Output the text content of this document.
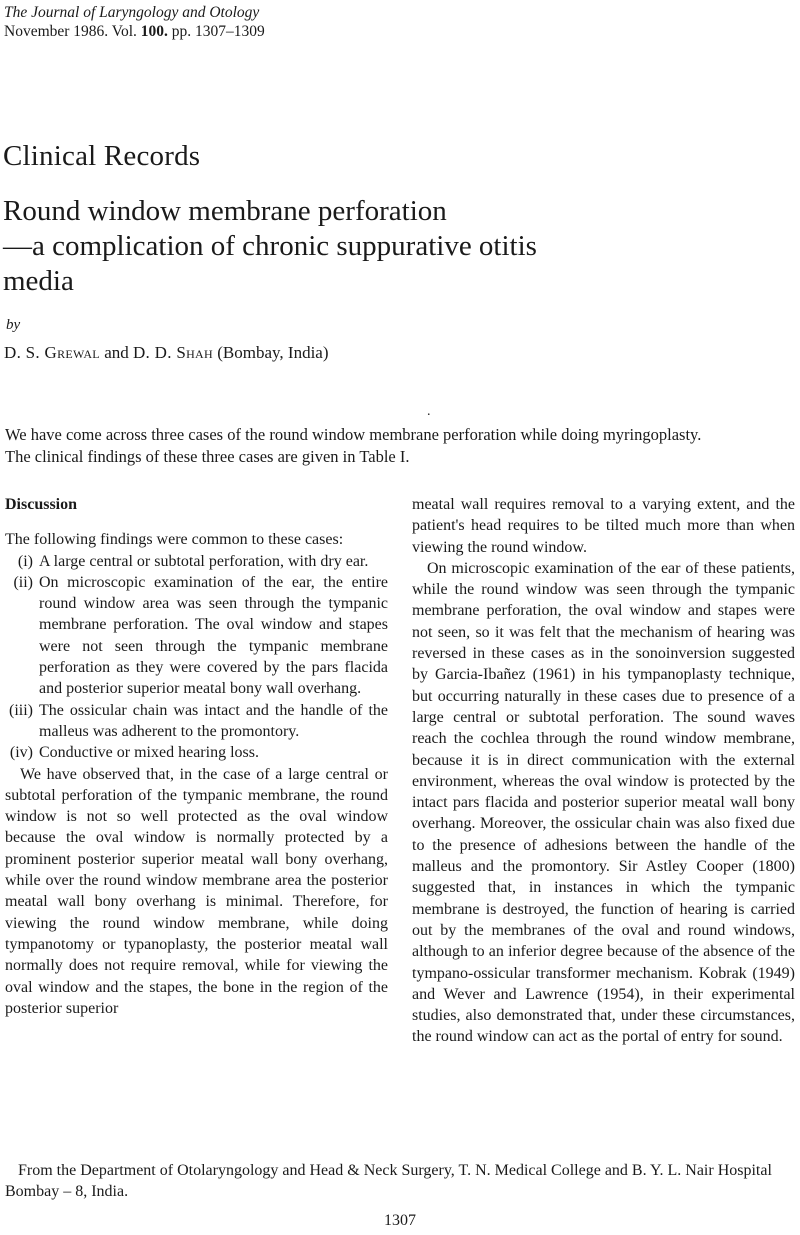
The Journal of Laryngology and Otology
November 1986. Vol. 100. pp. 1307–1309
Clinical Records
Round window membrane perforation
—a complication of chronic suppurative otitis
media
by
D. S. Grewal and D. D. Shah (Bombay, India)
.

We have come across three cases of the round window membrane perforation while doing myringoplasty. The clinical findings of these three cases are given in Table I.

Discussion

The following findings were common to these cases:

(i) A large central or subtotal perforation, with dry ear.
(ii) On microscopic examination of the ear, the entire round window area was seen through the tympanic membrane perforation. The oval window and stapes were not seen through the tympanic membrane perforation as they were covered by the pars flacida and posterior superior meatal bony wall overhang.
(iii) The ossicular chain was intact and the handle of the malleus was adherent to the promontory.
(iv) Conductive or mixed hearing loss.

We have observed that, in the case of a large central or subtotal perforation of the tympanic membrane, the round window is not so well protected as the oval window because the oval window is normally protected by a prominent posterior superior meatal wall bony overhang, while over the round window membrane area the posterior meatal wall bony overhang is minimal. Therefore, for viewing the round window membrane, while doing tympanotomy or typanoplasty, the posterior meatal wall normally does not require removal, while for viewing the oval window and the stapes, the bone in the region of the posterior superior

meatal wall requires removal to a varying extent, and the patient's head requires to be tilted much more than when viewing the round window.

On microscopic examination of the ear of these patients, while the round window was seen through the tympanic membrane perforation, the oval window and stapes were not seen, so it was felt that the mechanism of hearing was reversed in these cases as in the sonoinversion suggested by Garcia-Ibañez (1961) in his tympanoplasty technique, but occurring naturally in these cases due to presence of a large central or subtotal perforation. The sound waves reach the cochlea through the round window membrane, because it is in direct communication with the external environment, whereas the oval window is protected by the intact pars flacida and posterior superior meatal wall bony overhang. Moreover, the ossicular chain was also fixed due to the presence of adhesions between the handle of the malleus and the promontory. Sir Astley Cooper (1800) suggested that, in instances in which the tympanic membrane is destroyed, the function of hearing is carried out by the membranes of the oval and round windows, although to an inferior degree because of the absence of the tympano-ossicular transformer mechanism. Kobrak (1949) and Wever and Lawrence (1954), in their experimental studies, also demonstrated that, under these circumstances, the round window can act as the portal of entry for sound.

From the Department of Otolaryngology and Head & Neck Surgery, T. N. Medical College and B. Y. L. Nair Hospital Bombay – 8, India.

1307
